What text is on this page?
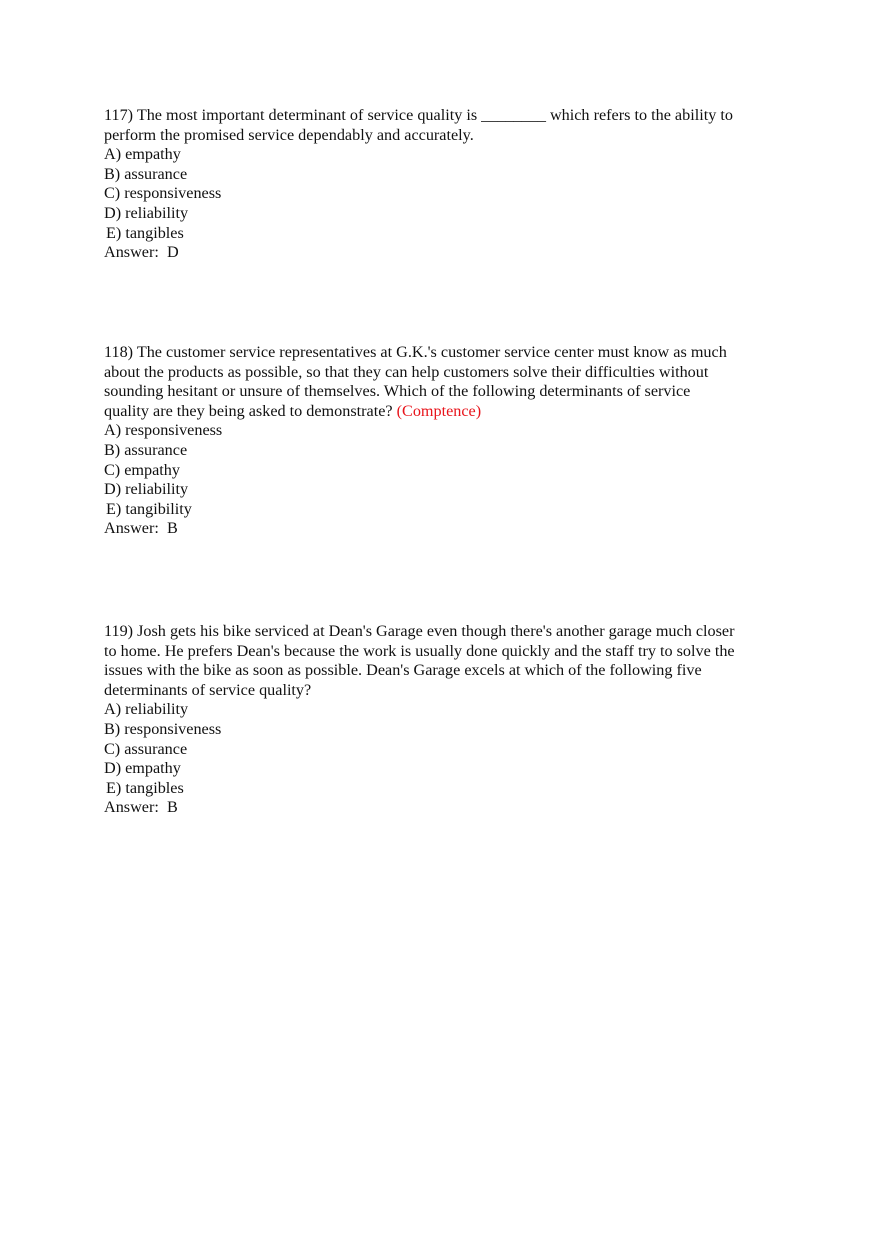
117) The most important determinant of service quality is ________ which refers to the ability to
perform the promised service dependably and accurately.

A) empathy
B) assurance
C) responsiveness
D) reliability
E) tangibles
Answer:  D

118) The customer service representatives at G.K.'s customer service center must know as much
about the products as possible, so that they can help customers solve their difficulties without
sounding hesitant or unsure of themselves. Which of the following determinants of service
quality are they being asked to demonstrate? (Comptence)

A) responsiveness
B) assurance
C) empathy
D) reliability
E) tangibility
Answer:  B

119) Josh gets his bike serviced at Dean's Garage even though there's another garage much closer
to home. He prefers Dean's because the work is usually done quickly and the staff try to solve the
issues with the bike as soon as possible. Dean's Garage excels at which of the following five
determinants of service quality?

A) reliability
B) responsiveness
C) assurance
D) empathy
E) tangibles
Answer:  B
